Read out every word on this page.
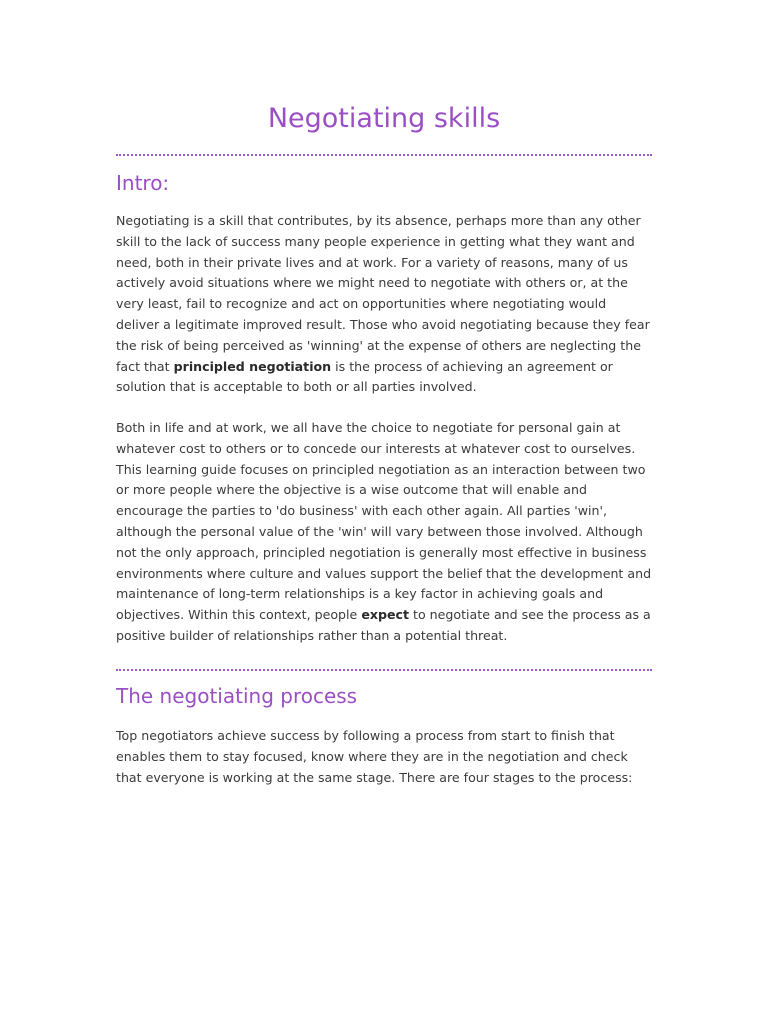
Negotiating skills
Intro:

Negotiating is a skill that contributes, by its absence, perhaps more than any other skill to the lack of success many people experience in getting what they want and need, both in their private lives and at work. For a variety of reasons, many of us actively avoid situations where we might need to negotiate with others or, at the very least, fail to recognize and act on opportunities where negotiating would deliver a legitimate improved result. Those who avoid negotiating because they fear the risk of being perceived as 'winning' at the expense of others are neglecting the fact that principled negotiation is the process of achieving an agreement or solution that is acceptable to both or all parties involved.

Both in life and at work, we all have the choice to negotiate for personal gain at whatever cost to others or to concede our interests at whatever cost to ourselves. This learning guide focuses on principled negotiation as an interaction between two or more people where the objective is a wise outcome that will enable and encourage the parties to 'do business' with each other again. All parties 'win', although the personal value of the 'win' will vary between those involved. Although not the only approach, principled negotiation is generally most effective in business environments where culture and values support the belief that the development and maintenance of long-term relationships is a key factor in achieving goals and objectives. Within this context, people expect to negotiate and see the process as a positive builder of relationships rather than a potential threat.

The negotiating process

Top negotiators achieve success by following a process from start to finish that enables them to stay focused, know where they are in the negotiation and check that everyone is working at the same stage. There are four stages to the process:
